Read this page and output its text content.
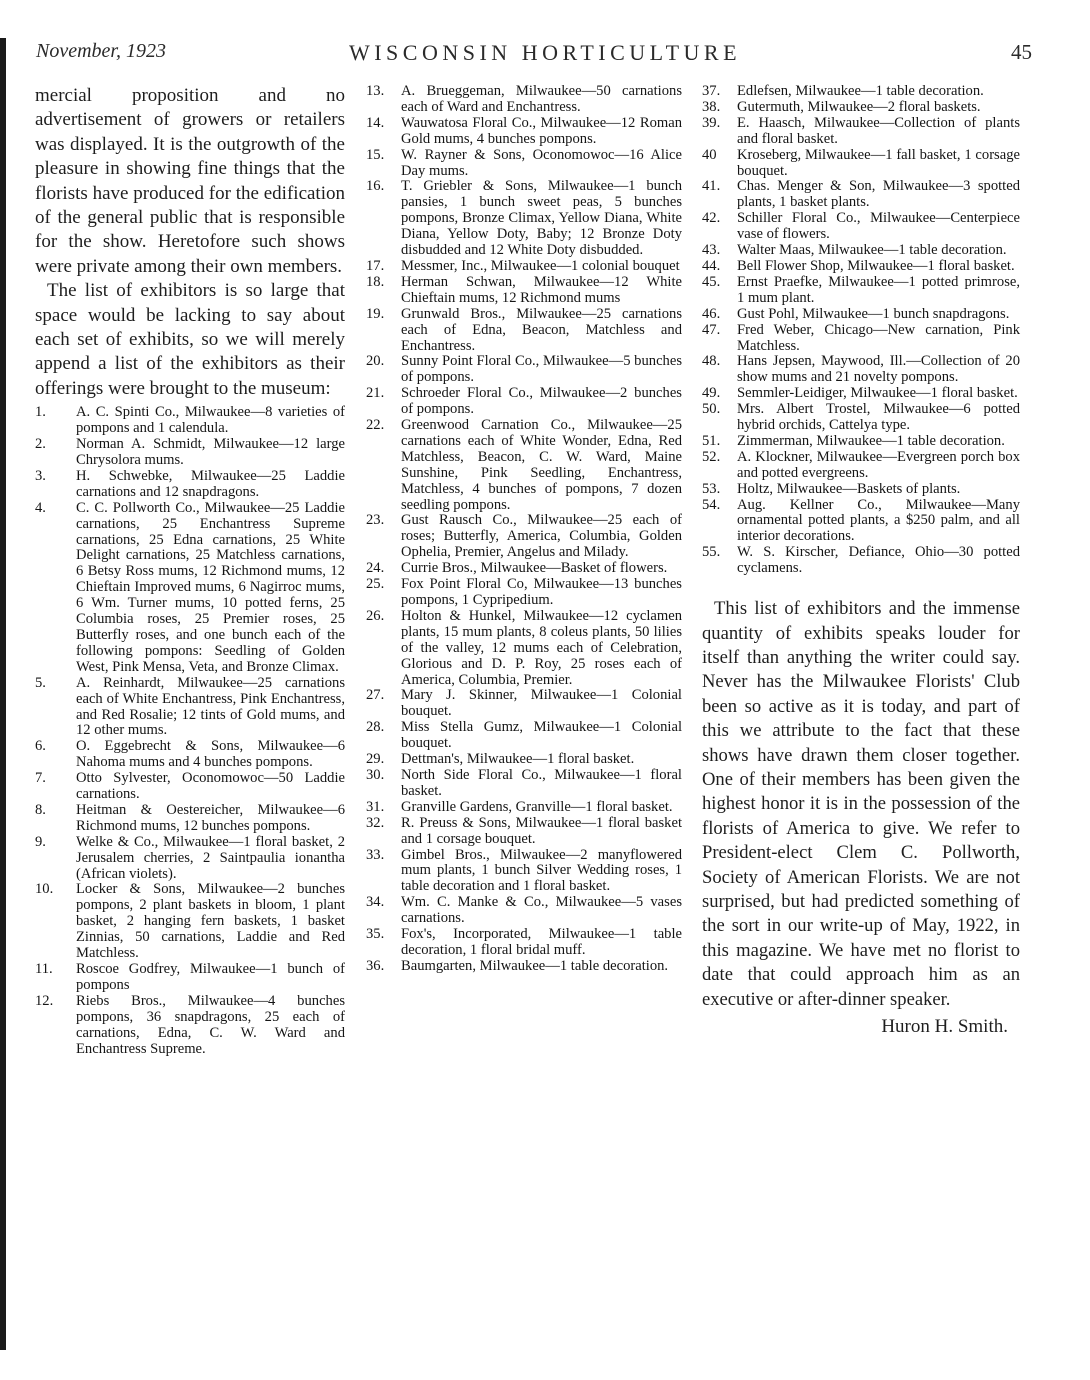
WISCONSIN HORTICULTURE
November, 1923	45

mercial proposition and no advertisement of growers or retailers was displayed. It is the outgrowth of the pleasure in showing fine things that the florists have produced for the edification of the general public that is responsible for the show. Heretofore such shows were private among their own members.

The list of exhibitors is so large that space would be lacking to say about each set of exhibits, so we will merely append a list of the exhibitors as their offerings were brought to the museum:

1.	A. C. Spinti Co., Milwaukee—8 varieties of pompons and 1 calendula.
2.	Norman A. Schmidt, Milwaukee—12 large Chrysolora mums.
3.	H. Schwebke, Milwaukee—25 Laddie carnations and 12 snapdragons.
4.	C. C. Pollworth Co., Milwaukee—25 Laddie carnations, 25 Enchantress Supreme carnations, 25 Edna carnations, 25 White Delight carnations, 25 Matchless carnations, 6 Betsy Ross mums, 12 Richmond mums, 12 Chieftain Improved mums, 6 Nagirroc mums, 6 Wm. Turner mums, 10 potted ferns, 25 Columbia roses, 25 Premier roses, 25 Butterfly roses, and one bunch each of the following pompons: Seedling of Golden West, Pink Mensa, Veta, and Bronze Climax.
5.	A. Reinhardt, Milwaukee—25 carnations each of White Enchantress, Pink Enchantress, and Red Rosalie; 12 tints of Gold mums, and 12 other mums.
6.	O. Eggebrecht & Sons, Milwaukee—6 Nahoma mums and 4 bunches pompons.
7.	Otto Sylvester, Oconomowoc—50 Laddie carnations.
8.	Heitman & Oestereicher, Milwaukee—6 Richmond mums, 12 bunches pompons.
9.	Welke & Co., Milwaukee—1 floral basket, 2 Jerusalem cherries, 2 Saintpaulia ionantha (African violets).
10.	Locker & Sons, Milwaukee—2 bunches pompons, 2 plant baskets in bloom, 1 plant basket, 2 hanging fern baskets, 1 basket Zinnias, 50 carnations, Laddie and Red Matchless.
11.	Roscoe Godfrey, Milwaukee—1 bunch of pompons
12.	Riebs Bros., Milwaukee—4 bunches pompons, 36 snapdragons, 25 each of carnations, Edna, C. W. Ward and Enchantress Supreme.
13.	A. Brueggeman, Milwaukee—50 carnations each of Ward and Enchantress.
14.	Wauwatosa Floral Co., Milwaukee—12 Roman Gold mums, 4 bunches pompons.
15.	W. Rayner & Sons, Oconomowoc—16 Alice Day mums.
16.	T. Griebler & Sons, Milwaukee—1 bunch pansies, 1 bunch sweet peas, 5 bunches pompons, Bronze Climax, Yellow Diana, White Diana, Yellow Doty, Baby; 12 Bronze Doty disbudded and 12 White Doty disbudded.
17.	Messmer, Inc., Milwaukee—1 colonial bouquet
18.	Herman Schwan, Milwaukee—12 White Chieftain mums, 12 Richmond mums
19.	Grunwald Bros., Milwaukee—25 carnations each of Edna, Beacon, Matchless and Enchantress.
20.	Sunny Point Floral Co., Milwaukee—5 bunches of pompons.
21.	Schroeder Floral Co., Milwaukee—2 bunches of pompons.
22.	Greenwood Carnation Co., Milwaukee—25 carnations each of White Wonder, Edna, Red Matchless, Beacon, C. W. Ward, Maine Sunshine, Pink Seedling, Enchantress, Matchless, 4 bunches of pompons, 7 dozen seedling pompons.
23.	Gust Rausch Co., Milwaukee—25 each of roses; Butterfly, America, Columbia, Golden Ophelia, Premier, Angelus and Milady.
24.	Currie Bros., Milwaukee—Basket of flowers.
25.	Fox Point Floral Co, Milwaukee—13 bunches pompons, 1 Cypripedium.
26.	Holton & Hunkel, Milwaukee—12 cyclamen plants, 15 mum plants, 8 coleus plants, 50 lilies of the valley, 12 mums each of Celebration, Glorious and D. P. Roy, 25 roses each of America, Columbia, Premier.
27.	Mary J. Skinner, Milwaukee—1 Colonial bouquet.
28.	Miss Stella Gumz, Milwaukee—1 Colonial bouquet.
29.	Dettman's, Milwaukee—1 floral basket.
30.	North Side Floral Co., Milwaukee—1 floral basket.
31.	Granville Gardens, Granville—1 floral basket.
32.	R. Preuss & Sons, Milwaukee—1 floral basket and 1 corsage bouquet.
33.	Gimbel Bros., Milwaukee—2 manyflowered mum plants, 1 bunch Silver Wedding roses, 1 table decoration and 1 floral basket.
34.	Wm. C. Manke & Co., Milwaukee—5 vases carnations.
35.	Fox's, Incorporated, Milwaukee—1 table decoration, 1 floral bridal muff.
36.	Baumgarten, Milwaukee—1 table decoration.
37.	Edlefsen, Milwaukee—1 table decoration.
38.	Gutermuth, Milwaukee—2 floral baskets.
39.	E. Haasch, Milwaukee—Collection of plants and floral basket.
40	Kroseberg, Milwaukee—1 fall basket, 1 corsage bouquet.
41.	Chas. Menger & Son, Milwaukee—3 spotted plants, 1 basket plants.
42.	Schiller Floral Co., Milwaukee—Centerpiece vase of flowers.
43.	Walter Maas, Milwaukee—1 table decoration.
44.	Bell Flower Shop, Milwaukee—1 floral basket.
45.	Ernst Praefke, Milwaukee—1 potted primrose, 1 mum plant.
46.	Gust Pohl, Milwaukee—1 bunch snapdragons.
47.	Fred Weber, Chicago—New carnation, Pink Matchless.
48.	Hans Jepsen, Maywood, Ill.—Collection of 20 show mums and 21 novelty pompons.
49.	Semmler-Leidiger, Milwaukee—1 floral basket.
50.	Mrs. Albert Trostel, Milwaukee—6 potted hybrid orchids, Cattelya type.
51.	Zimmerman, Milwaukee—1 table decoration.
52.	A. Klockner, Milwaukee—Evergreen porch box and potted evergreens.
53.	Holtz, Milwaukee—Baskets of plants.
54.	Aug. Kellner Co., Milwaukee—Many ornamental potted plants, a $250 palm, and all interior decorations.
55.	W. S. Kirscher, Defiance, Ohio—30 potted cyclamens.

This list of exhibitors and the immense quantity of exhibits speaks louder for itself than anything the writer could say. Never has the Milwaukee Florists' Club been so active as it is today, and part of this we attribute to the fact that these shows have drawn them closer together. One of their members has been given the highest honor it is in the possession of the florists of America to give. We refer to President-elect Clem C. Pollworth, Society of American Florists. We are not surprised, but had predicted something of the sort in our write-up of May, 1922, in this magazine. We have met no florist to date that could approach him as an executive or after-dinner speaker.

Huron H. Smith.
